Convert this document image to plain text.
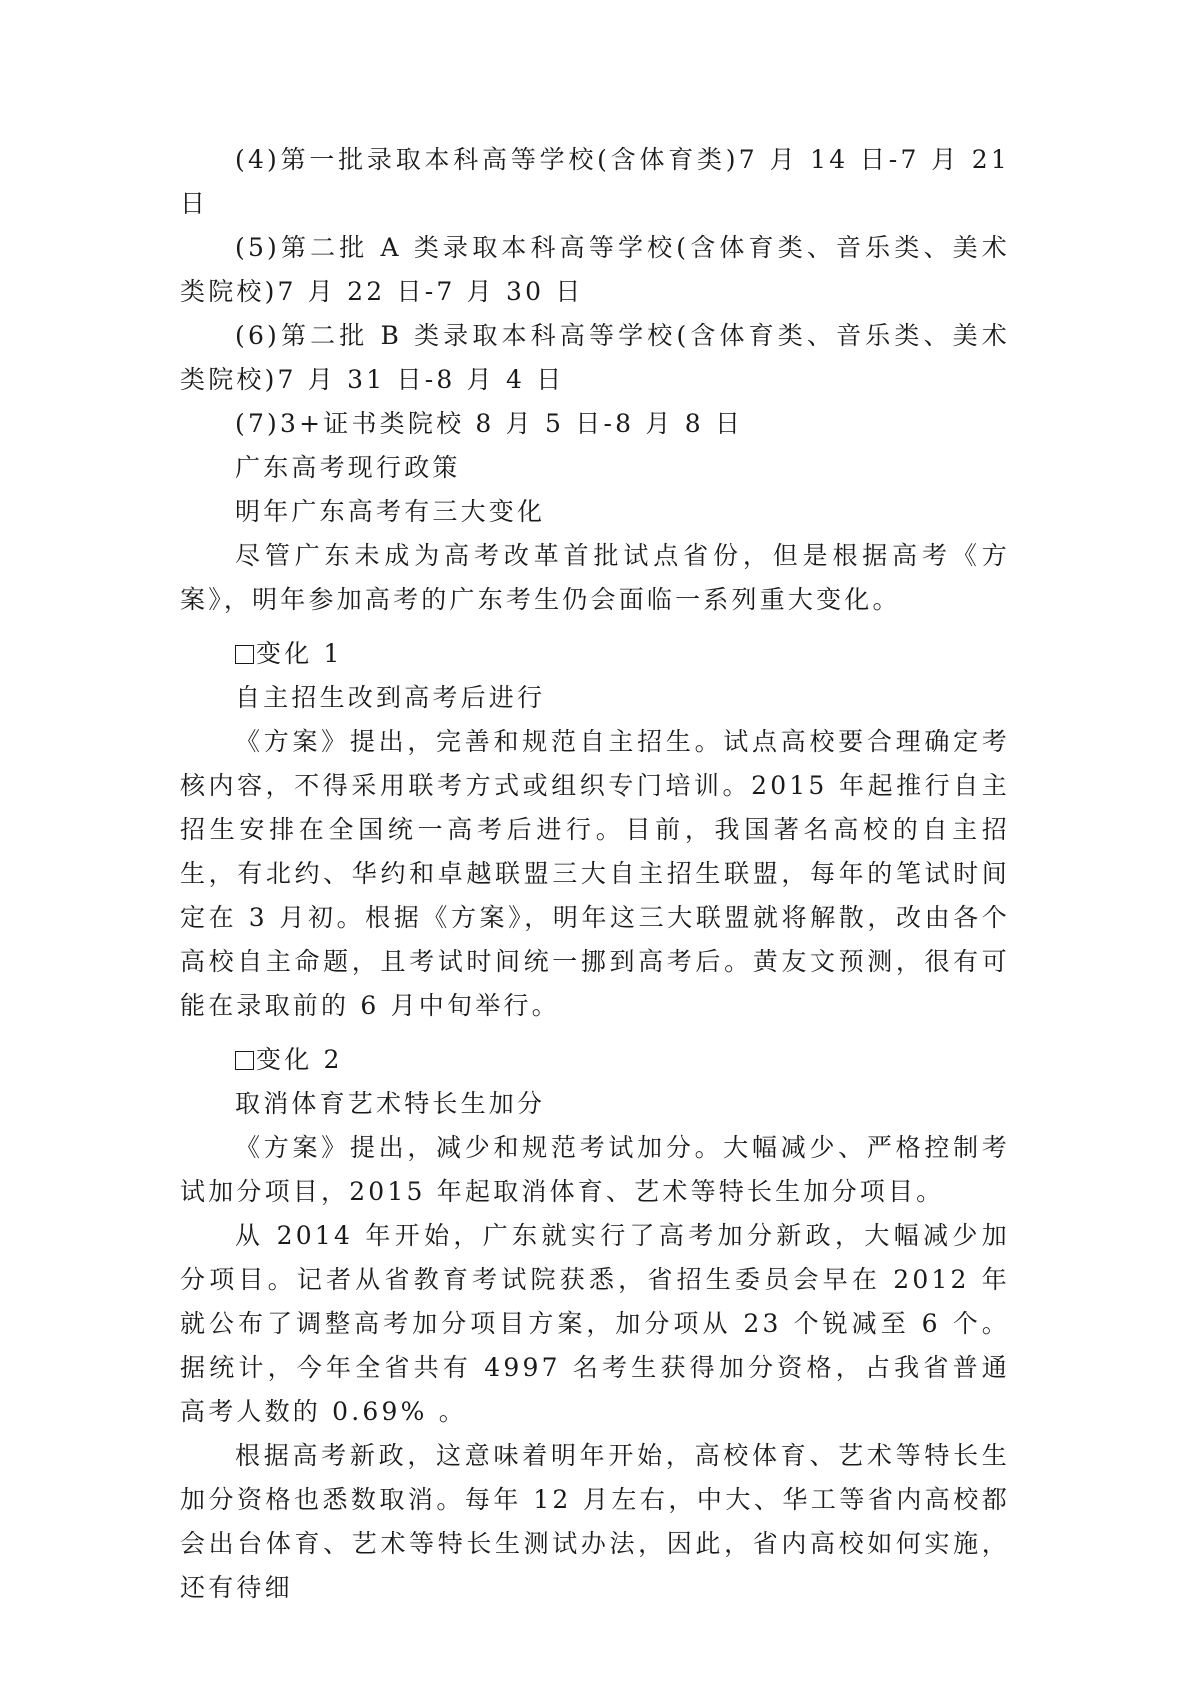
(4)第一批录取本科高等学校(含体育类)7 月 14 日-7 月 21 日

(5)第二批 A 类录取本科高等学校(含体育类、音乐类、美术类院校)7 月 22 日-7 月 30 日

(6)第二批 B 类录取本科高等学校(含体育类、音乐类、美术类院校)7 月 31 日-8 月 4 日

(7)3+证书类院校 8 月 5 日-8 月 8 日

广东高考现行政策

明年广东高考有三大变化

尽管广东未成为高考改革首批试点省份，但是根据高考《方案》，明年参加高考的广东考生仍会面临一系列重大变化。

变化 1

自主招生改到高考后进行

《方案》提出，完善和规范自主招生。试点高校要合理确定考核内容，不得采用联考方式或组织专门培训。2015 年起推行自主招生安排在全国统一高考后进行。目前，我国著名高校的自主招生，有北约、华约和卓越联盟三大自主招生联盟，每年的笔试时间定在 3 月初。根据《方案》，明年这三大联盟就将解散，改由各个高校自主命题，且考试时间统一挪到高考后。黄友文预测，很有可能在录取前的 6 月中旬举行。

变化 2

取消体育艺术特长生加分

《方案》提出，减少和规范考试加分。大幅减少、严格控制考试加分项目，2015 年起取消体育、艺术等特长生加分项目。

从 2014 年开始，广东就实行了高考加分新政，大幅减少加分项目。记者从省教育考试院获悉，省招生委员会早在 2012 年就公布了调整高考加分项目方案，加分项从 23 个锐减至 6 个。据统计，今年全省共有 4997 名考生获得加分资格，占我省普通高考人数的 0.69% 。

根据高考新政，这意味着明年开始，高校体育、艺术等特长生加分资格也悉数取消。每年 12 月左右，中大、华工等省内高校都会出台体育、艺术等特长生测试办法，因此，省内高校如何实施，还有待细
